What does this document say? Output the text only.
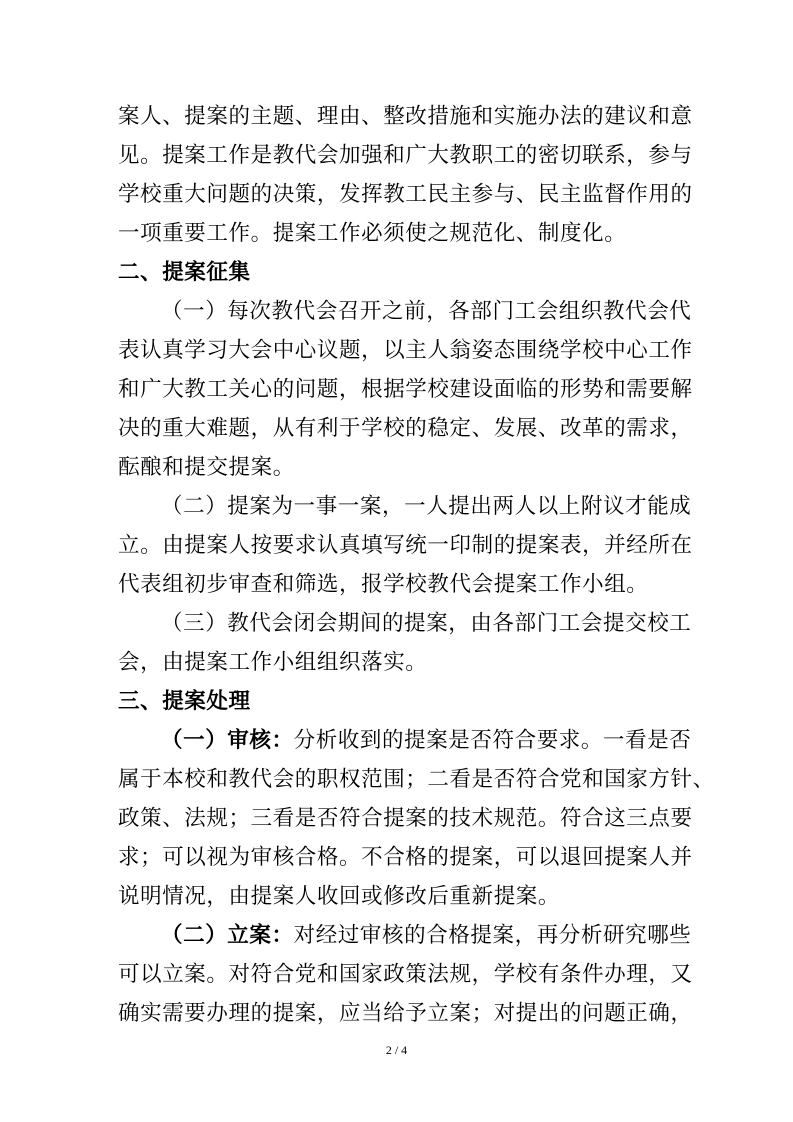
案人、提案的主题、理由、整改措施和实施办法的建议和意
见。提案工作是教代会加强和广大教职工的密切联系，参与
学校重大问题的决策，发挥教工民主参与、民主监督作用的
一项重要工作。提案工作必须使之规范化、制度化。
二、提案征集
（一）每次教代会召开之前，各部门工会组织教代会代
表认真学习大会中心议题，以主人翁姿态围绕学校中心工作
和广大教工关心的问题，根据学校建设面临的形势和需要解
决的重大难题，从有利于学校的稳定、发展、改革的需求，
酝酿和提交提案。
（二）提案为一事一案，一人提出两人以上附议才能成
立。由提案人按要求认真填写统一印制的提案表，并经所在
代表组初步审查和筛选，报学校教代会提案工作小组。
（三）教代会闭会期间的提案，由各部门工会提交校工
会，由提案工作小组组织落实。
三、提案处理
（一）审核：分析收到的提案是否符合要求。一看是否
属于本校和教代会的职权范围；二看是否符合党和国家方针、
政策、法规；三看是否符合提案的技术规范。符合这三点要
求；可以视为审核合格。不合格的提案，可以退回提案人并
说明情况，由提案人收回或修改后重新提案。
（二）立案：对经过审核的合格提案，再分析研究哪些
可以立案。对符合党和国家政策法规，学校有条件办理，又
确实需要办理的提案，应当给予立案；对提出的问题正确，
2 / 4
